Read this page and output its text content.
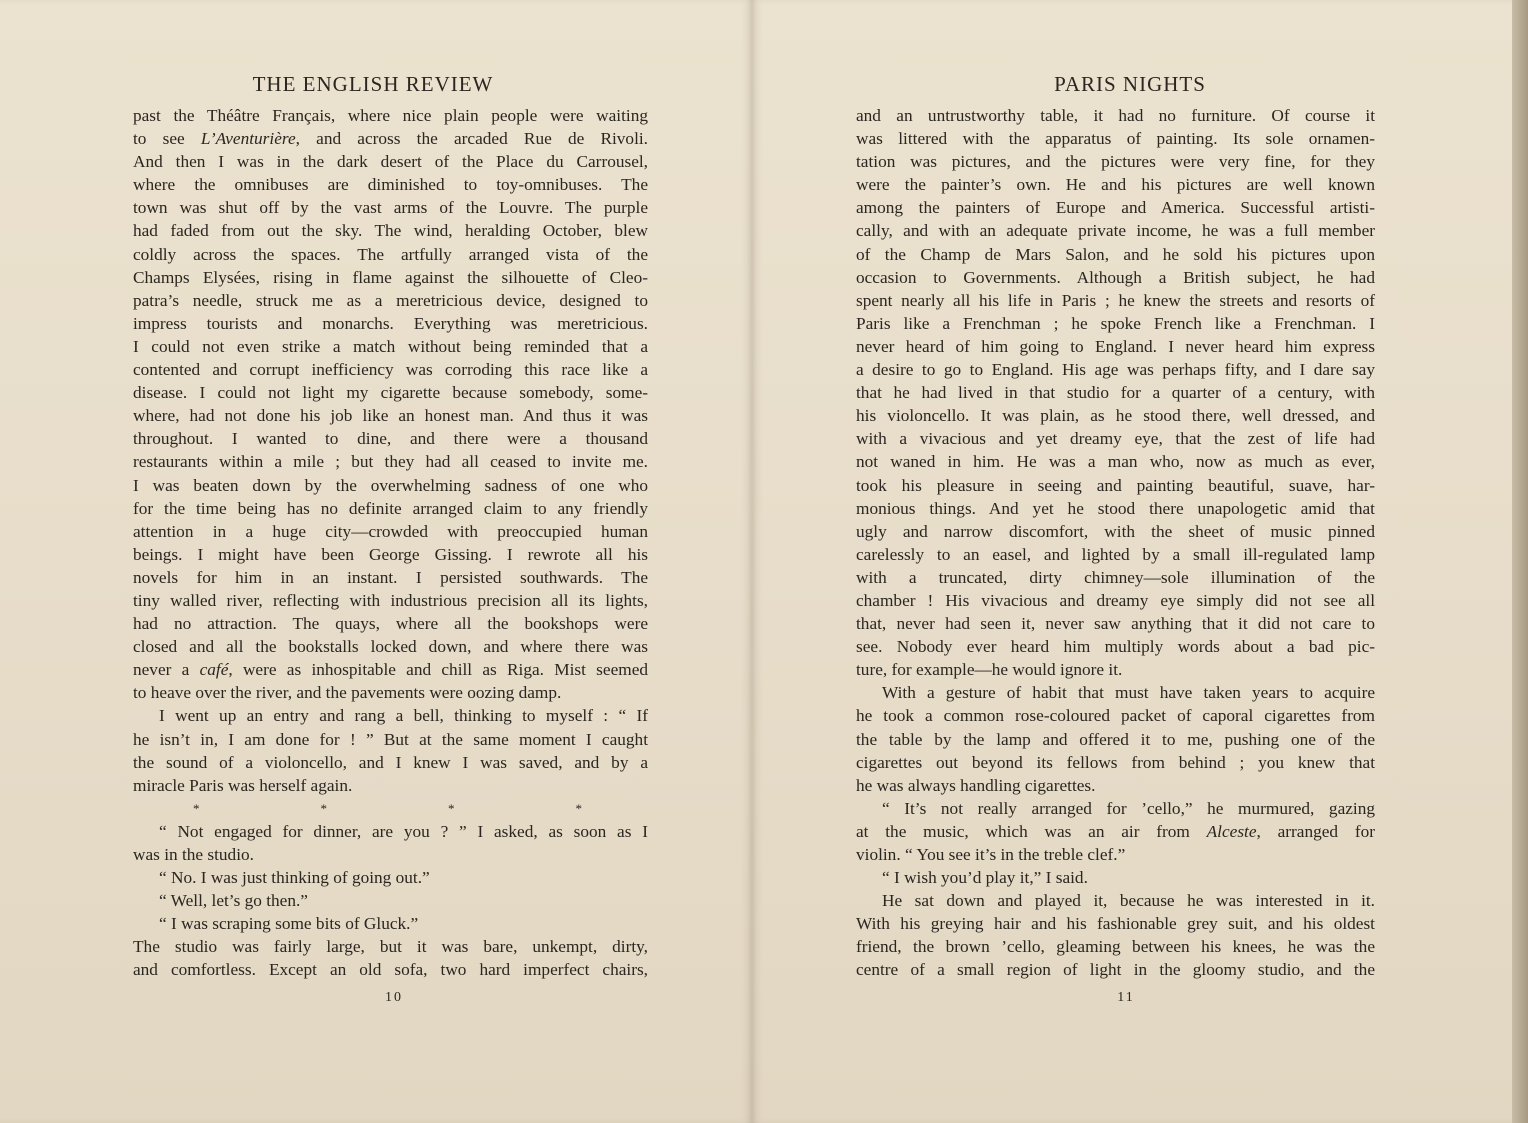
THE ENGLISH REVIEW
past the Théâtre Français, where nice plain people were waiting
to see L’Aventurière, and across the arcaded Rue de Rivoli.
And then I was in the dark desert of the Place du Carrousel,
where the omnibuses are diminished to toy-omnibuses. The
town was shut off by the vast arms of the Louvre. The purple
had faded from out the sky. The wind, heralding October, blew
coldly across the spaces. The artfully arranged vista of the
Champs Elysées, rising in flame against the silhouette of Cleo-
patra’s needle, struck me as a meretricious device, designed to
impress tourists and monarchs. Everything was meretricious.
I could not even strike a match without being reminded that a
contented and corrupt inefficiency was corroding this race like a
disease. I could not light my cigarette because somebody, some-
where, had not done his job like an honest man. And thus it was
throughout. I wanted to dine, and there were a thousand
restaurants within a mile ; but they had all ceased to invite me.
I was beaten down by the overwhelming sadness of one who
for the time being has no definite arranged claim to any friendly
attention in a huge city—crowded with preoccupied human
beings. I might have been George Gissing. I rewrote all his
novels for him in an instant. I persisted southwards. The
tiny walled river, reflecting with industrious precision all its lights,
had no attraction. The quays, where all the bookshops were
closed and all the bookstalls locked down, and where there was
never a café, were as inhospitable and chill as Riga. Mist seemed
to heave over the river, and the pavements were oozing damp.
I went up an entry and rang a bell, thinking to myself : “ If
he isn’t in, I am done for ! ” But at the same moment I caught
the sound of a violoncello, and I knew I was saved, and by a
miracle Paris was herself again.
*	*	*	*
“ Not engaged for dinner, are you ? ” I asked, as soon as I
was in the studio.
“ No. I was just thinking of going out.”
“ Well, let’s go then.”
“ I was scraping some bits of Gluck.”
The studio was fairly large, but it was bare, unkempt, dirty,
and comfortless. Except an old sofa, two hard imperfect chairs,
10
PARIS NIGHTS
and an untrustworthy table, it had no furniture. Of course it
was littered with the apparatus of painting. Its sole ornamen-
tation was pictures, and the pictures were very fine, for they
were the painter’s own. He and his pictures are well known
among the painters of Europe and America. Successful artisti-
cally, and with an adequate private income, he was a full member
of the Champ de Mars Salon, and he sold his pictures upon
occasion to Governments. Although a British subject, he had
spent nearly all his life in Paris ; he knew the streets and resorts of
Paris like a Frenchman ; he spoke French like a Frenchman. I
never heard of him going to England. I never heard him express
a desire to go to England. His age was perhaps fifty, and I dare say
that he had lived in that studio for a quarter of a century, with
his violoncello. It was plain, as he stood there, well dressed, and
with a vivacious and yet dreamy eye, that the zest of life had
not waned in him. He was a man who, now as much as ever,
took his pleasure in seeing and painting beautiful, suave, har-
monious things. And yet he stood there unapologetic amid that
ugly and narrow discomfort, with the sheet of music pinned
carelessly to an easel, and lighted by a small ill-regulated lamp
with a truncated, dirty chimney—sole illumination of the
chamber ! His vivacious and dreamy eye simply did not see all
that, never had seen it, never saw anything that it did not care to
see. Nobody ever heard him multiply words about a bad pic-
ture, for example—he would ignore it.
With a gesture of habit that must have taken years to acquire
he took a common rose-coloured packet of caporal cigarettes from
the table by the lamp and offered it to me, pushing one of the
cigarettes out beyond its fellows from behind ; you knew that
he was always handling cigarettes.
“ It’s not really arranged for ’cello,” he murmured, gazing
at the music, which was an air from Alceste, arranged for
violin. “ You see it’s in the treble clef.”
“ I wish you’d play it,” I said.
He sat down and played it, because he was interested in it.
With his greying hair and his fashionable grey suit, and his oldest
friend, the brown ’cello, gleaming between his knees, he was the
centre of a small region of light in the gloomy studio, and the
11
